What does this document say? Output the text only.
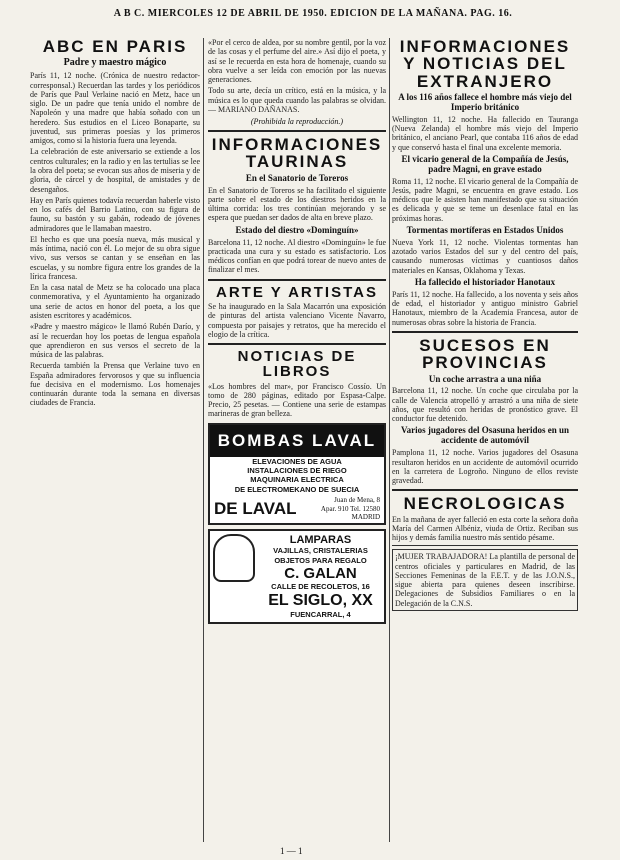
A B C. MIERCOLES 12 DE ABRIL DE 1950. EDICION DE LA MAÑANA. PAG. 16.
ABC EN PARIS
Padre y maestro mágico

París 11, 12 noche. (Crónica de nuestro redactor-corresponsal.) Recuerdan las tardes y los periódicos de París que Paul Verlaine nació en Metz, hace un siglo. De un padre que tenía unido el nombre de Napoleón y una madre que había soñado con un heredero. Sus estudios en el Liceo Bonaparte, su juventud, sus primeras poesías y los primeros amigos, como si la historia fuera una leyenda.

La celebración de este aniversario se extiende a los centros culturales; en la radio y en las tertulias se lee la obra del poeta; se evocan sus años de miseria y de gloria, de cárcel y de hospital, de amistades y de desengaños.

Hay en París quienes todavía recuerdan haberle visto en los cafés del Barrio Latino, con su figura de fauno, su bastón y su gabán, rodeado de jóvenes admiradores que le llamaban maestro.

El hecho es que una poesía nueva, más musical y más íntima, nació con él. Lo mejor de su obra sigue vivo, sus versos se cantan y se enseñan en las escuelas, y su nombre figura entre los grandes de la lírica francesa.

En la casa natal de Metz se ha colocado una placa conmemorativa, y el Ayuntamiento ha organizado una serie de actos en honor del poeta, a los que asisten escritores y académicos.

«Padre y maestro mágico» le llamó Rubén Darío, y así le recuerdan hoy los poetas de lengua española que aprendieron en sus versos el secreto de la música de las palabras.

Recuerda también la Prensa que Verlaine tuvo en España admiradores fervorosos y que su influencia fue decisiva en el modernismo. Los homenajes continuarán durante toda la semana en diversas ciudades de Francia.

«Por el cerco de aldea, por su nombre gentil, por la voz de las cosas y el perfume del aire.» Así dijo el poeta, y así se le recuerda en esta hora de homenaje, cuando su obra vuelve a ser leída con emoción por las nuevas generaciones.

Todo su arte, decía un crítico, está en la música, y la música es lo que queda cuando las palabras se olvidan. — MARIANO DAÑANAS.

(Prohibida la reproducción.)
INFORMACIONES TAURINAS
En el Sanatorio de Toreros

En el Sanatorio de Toreros se ha facilitado el siguiente parte sobre el estado de los diestros heridos en la última corrida: los tres continúan mejorando y se espera que puedan ser dados de alta en breve plazo.

Estado del diestro «Dominguín»

Barcelona 11, 12 noche. Al diestro «Dominguín» le fue practicada una cura y su estado es satisfactorio. Los médicos confían en que podrá torear de nuevo antes de finalizar el mes.

ARTE Y ARTISTAS

Se ha inaugurado en la Sala Macarrón una exposición de pinturas del artista valenciano Vicente Navarro, compuesta por paisajes y retratos, que ha merecido el elogio de la crítica.

NOTICIAS DE LIBROS

«Los hombres del mar», por Francisco Cossío. Un tomo de 280 páginas, editado por Espasa-Calpe. Precio, 25 pesetas. — Contiene una serie de estampas marineras de gran belleza.

BOMBAS LAVAL
ELEVACIONES DE AGUA
INSTALACIONES DE RIEGO
MAQUINARIA ELECTRICA
DE ELECTROMEKANO DE SUECIA
DE LAVAL	Juan de Mena, 8
Apar. 910 Tel. 12580
MADRID
LAMPARAS
VAJILLAS, CRISTALERIAS
OBJETOS PARA REGALO
C. GALAN
CALLE DE RECOLETOS, 16
EL SIGLO, XX
FUENCARRAL, 4
INFORMACIONES Y NOTICIAS DEL EXTRANJERO
A los 116 años fallece el hombre más viejo del Imperio británico

Wellington 11, 12 noche. Ha fallecido en Tauranga (Nueva Zelanda) el hombre más viejo del Imperio británico, el anciano Pearl, que contaba 116 años de edad y que conservó hasta el final una excelente memoria.

El vicario general de la Compañía de Jesús, padre Magni, en grave estado

Roma 11, 12 noche. El vicario general de la Compañía de Jesús, padre Magni, se encuentra en grave estado. Los médicos que le asisten han manifestado que su situación es delicada y que se teme un desenlace fatal en las próximas horas.

Tormentas mortíferas en Estados Unidos

Nueva York 11, 12 noche. Violentas tormentas han azotado varios Estados del sur y del centro del país, causando numerosas víctimas y cuantiosos daños materiales en Kansas, Oklahoma y Texas.

Ha fallecido el historiador Hanotaux

París 11, 12 noche. Ha fallecido, a los noventa y seis años de edad, el historiador y antiguo ministro Gabriel Hanotaux, miembro de la Academia Francesa, autor de numerosas obras sobre la historia de Francia.

SUCESOS EN PROVINCIAS
Un coche arrastra a una niña

Barcelona 11, 12 noche. Un coche que circulaba por la calle de Valencia atropelló y arrastró a una niña de siete años, que resultó con heridas de pronóstico grave. El conductor fue detenido.

Varios jugadores del Osasuna heridos en un accidente de automóvil

Pamplona 11, 12 noche. Varios jugadores del Osasuna resultaron heridos en un accidente de automóvil ocurrido en la carretera de Logroño. Ninguno de ellos reviste gravedad.

NECROLOGICAS

En la mañana de ayer falleció en esta corte la señora doña María del Carmen Albéniz, viuda de Ortiz. Reciban sus hijos y demás familia nuestro más sentido pésame.

¡MUJER TRABAJADORA! La plantilla de personal de centros oficiales y particulares en Madrid, de las Secciones Femeninas de la F.E.T. y de las J.O.N.S., sigue abierta para quienes deseen inscribirse. Delegaciones de Subsidios Familiares o en la Delegación de la C.N.S.

1 — 1
